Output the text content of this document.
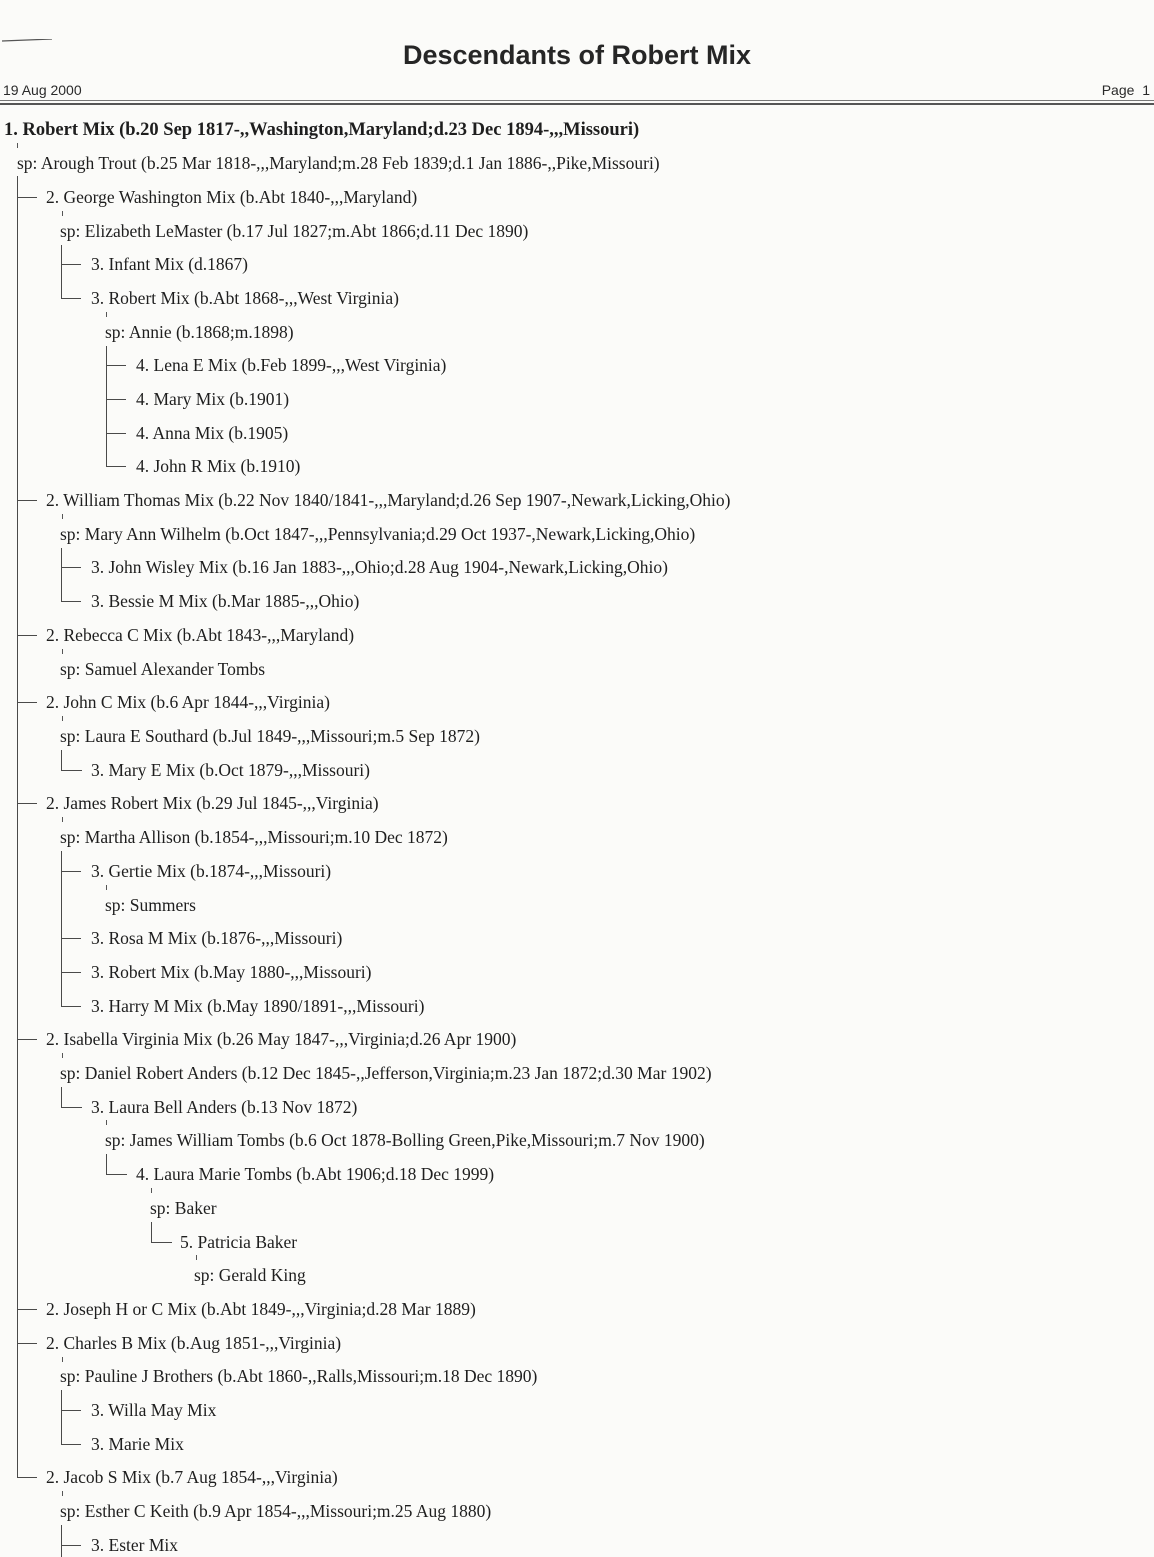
Descendants of Robert Mix
19 Aug 2000	Page 1
1. Robert Mix (b.20 Sep 1817-,,Washington,Maryland;d.23 Dec 1894-,,,Missouri)
sp: Arough Trout (b.25 Mar 1818-,,,Maryland;m.28 Feb 1839;d.1 Jan 1886-,,Pike,Missouri)
2. George Washington Mix (b.Abt 1840-,,,Maryland)
sp: Elizabeth LeMaster (b.17 Jul 1827;m.Abt 1866;d.11 Dec 1890)
3. Infant Mix (d.1867)
3. Robert Mix (b.Abt 1868-,,,West Virginia)
sp: Annie (b.1868;m.1898)
4. Lena E Mix (b.Feb 1899-,,,West Virginia)
4. Mary Mix (b.1901)
4. Anna Mix (b.1905)
4. John R Mix (b.1910)
2. William Thomas Mix (b.22 Nov 1840/1841-,,,Maryland;d.26 Sep 1907-,Newark,Licking,Ohio)
sp: Mary Ann Wilhelm (b.Oct 1847-,,,Pennsylvania;d.29 Oct 1937-,Newark,Licking,Ohio)
3. John Wisley Mix (b.16 Jan 1883-,,,Ohio;d.28 Aug 1904-,Newark,Licking,Ohio)
3. Bessie M Mix (b.Mar 1885-,,,Ohio)
2. Rebecca C Mix (b.Abt 1843-,,,Maryland)
sp: Samuel Alexander Tombs
2. John C Mix (b.6 Apr 1844-,,,Virginia)
sp: Laura E Southard (b.Jul 1849-,,,Missouri;m.5 Sep 1872)
3. Mary E Mix (b.Oct 1879-,,,Missouri)
2. James Robert Mix (b.29 Jul 1845-,,,Virginia)
sp: Martha Allison (b.1854-,,,Missouri;m.10 Dec 1872)
3. Gertie Mix (b.1874-,,,Missouri)
sp: Summers
3. Rosa M Mix (b.1876-,,,Missouri)
3. Robert Mix (b.May 1880-,,,Missouri)
3. Harry M Mix (b.May 1890/1891-,,,Missouri)
2. Isabella Virginia Mix (b.26 May 1847-,,,Virginia;d.26 Apr 1900)
sp: Daniel Robert Anders (b.12 Dec 1845-,,Jefferson,Virginia;m.23 Jan 1872;d.30 Mar 1902)
3. Laura Bell Anders (b.13 Nov 1872)
sp: James William Tombs (b.6 Oct 1878-Bolling Green,Pike,Missouri;m.7 Nov 1900)
4. Laura Marie Tombs (b.Abt 1906;d.18 Dec 1999)
sp: Baker
5. Patricia Baker
sp: Gerald King
2. Joseph H or C Mix (b.Abt 1849-,,,Virginia;d.28 Mar 1889)
2. Charles B Mix (b.Aug 1851-,,,Virginia)
sp: Pauline J Brothers (b.Abt 1860-,,Ralls,Missouri;m.18 Dec 1890)
3. Willa May Mix
3. Marie Mix
2. Jacob S Mix (b.7 Aug 1854-,,,Virginia)
sp: Esther C Keith (b.9 Apr 1854-,,,Missouri;m.25 Aug 1880)
3. Ester Mix
